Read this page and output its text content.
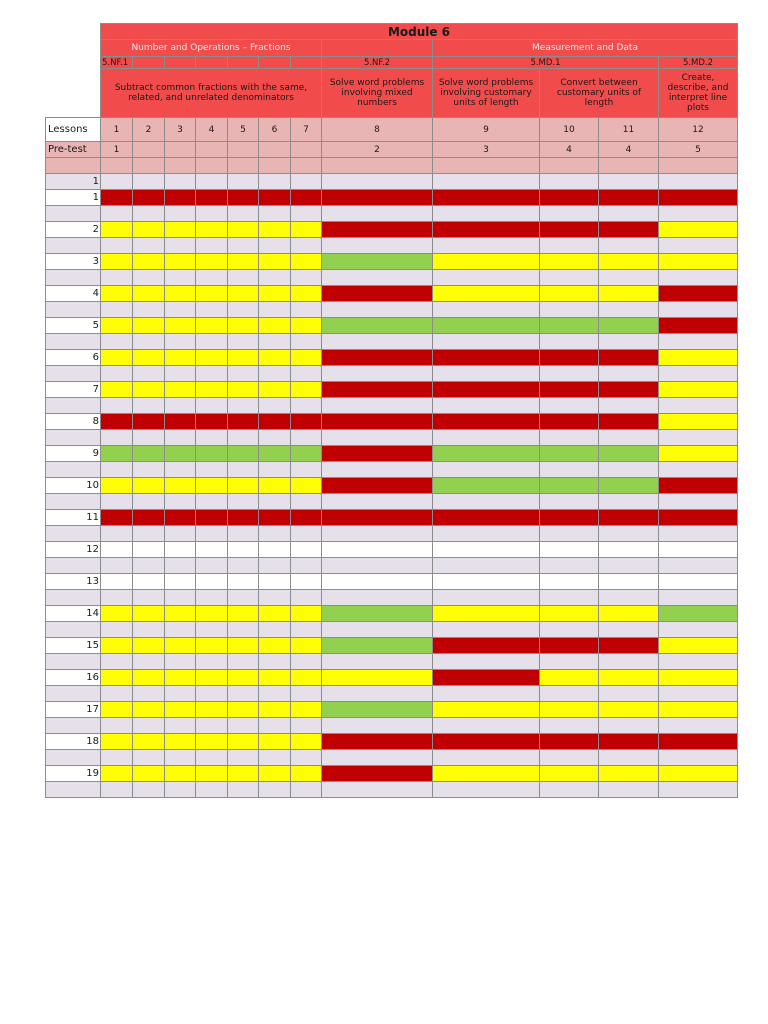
	Module 6											
	Number and Operations – Fractions								Measurement and Data			
	5.NF.1							5.NF.2	5.MD.1			5.MD.2
	Subtract common fractions with the same, related, and unrelated denominators							Solve word problems involving mixed numbers	Solve word problems involving customary units of length	Convert between customary units of length		Create, describe, and interpret line plots
Lessons	1	2	3	4	5	6	7	8	9	10	11	12
Pre-test	1							2	3	4	4	5

1												
1												

2												

3												

4												

5												

6												

7												

8												

9												

10												

11												

12												

13												

14												

15												

16												

17												

18												

19												
